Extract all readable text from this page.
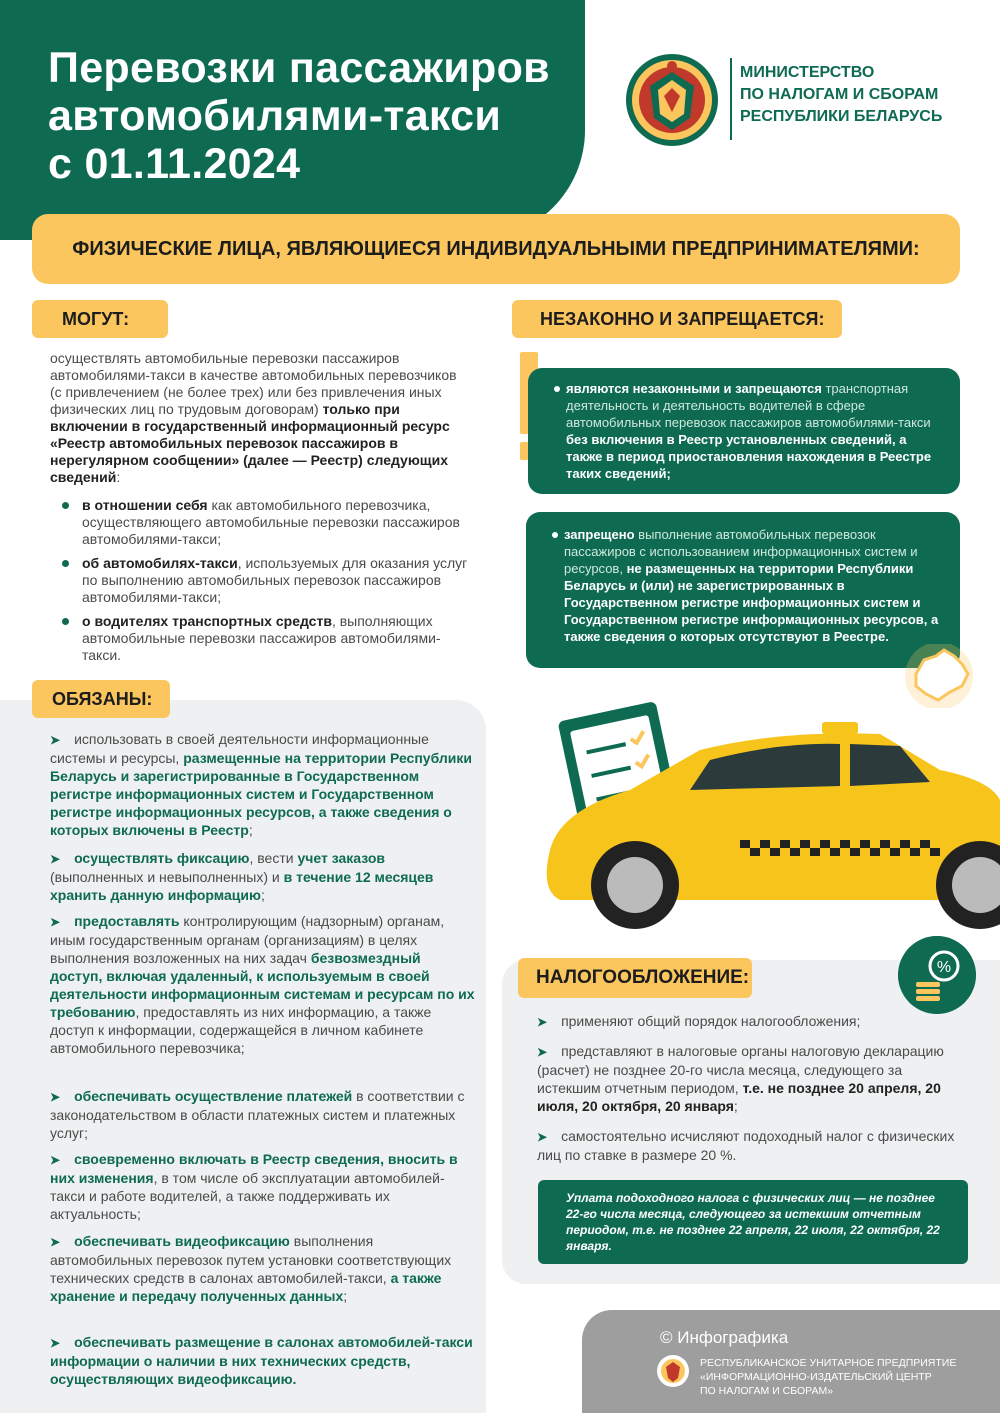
Перевозки пассажиров
автомобилями-такси
с 01.11.2024
МИНИСТЕРСТВО
ПО НАЛОГАМ И СБОРАМ
РЕСПУБЛИКИ БЕЛАРУСЬ
ФИЗИЧЕСКИЕ ЛИЦА, ЯВЛЯЮЩИЕСЯ ИНДИВИДУАЛЬНЫМИ ПРЕДПРИНИМАТЕЛЯМИ:
МОГУТ:
осуществлять автомобильные перевозки пассажиров автомобилями-такси в качестве автомобильных перевозчиков (с привлечением (не более трех) или без привлечения иных физических лиц по трудовым договорам) только при включении в государственный информационный ресурс «Реестр автомобильных перевозок пассажиров в нерегулярном сообщении» (далее — Реестр) следующих сведений:
в отношении себя как автомобильного перевозчика, осуществляющего автомобильные перевозки пассажиров автомобилями-такси;
об автомобилях-такси, используемых для оказания услуг по выполнению автомобильных перевозок пассажиров автомобилями-такси;
о водителях транспортных средств, выполняющих автомобильные перевозки пассажиров автомобилями-такси.
НЕЗАКОННО И ЗАПРЕЩАЕТСЯ:
являются незаконными и запрещаются транспортная деятельность и деятельность водителей в сфере автомобильных перевозок пассажиров автомобилями-такси без включения в Реестр установленных сведений, а также в период приостановления нахождения в Реестре таких сведений;
запрещено выполнение автомобильных перевозок пассажиров с использованием информационных систем и ресурсов, не размещенных на территории Республики Беларусь и (или) не зарегистрированных в Государственном регистре информационных систем и Государственном регистре информационных ресурсов, а также сведения о которых отсутствуют в Реестре.
ОБЯЗАНЫ:
➤ использовать в своей деятельности информационные системы и ресурсы, размещенные на территории Республики Беларусь и зарегистрированные в Государственном регистре информационных систем и Государственном регистре информационных ресурсов, а также сведения о которых включены в Реестр;
➤ осуществлять фиксацию, вести учет заказов (выполненных и невыполненных) и в течение 12 месяцев хранить данную информацию;
➤ предоставлять контролирующим (надзорным) органам, иным государственным органам (организациям) в целях выполнения возложенных на них задач безвозмездный доступ, включая удаленный, к используемым в своей деятельности информационным системам и ресурсам по их требованию, предоставлять из них информацию, а также доступ к информации, содержащейся в личном кабинете автомобильного перевозчика;
➤ обеспечивать осуществление платежей в соответствии с законодательством в области платежных систем и платежных услуг;
➤ своевременно включать в Реестр сведения, вносить в них изменения, в том числе об эксплуатации автомобилей-такси и работе водителей, а также поддерживать их актуальность;
➤ обеспечивать видеофиксацию выполнения автомобильных перевозок путем установки соответствующих технических средств в салонах автомобилей-такси, а также хранение и передачу полученных данных;
➤ обеспечивать размещение в салонах автомобилей-такси информации о наличии в них технических средств, осуществляющих видеофиксацию.
НАЛОГООБЛОЖЕНИЕ:	%
➤ применяют общий порядок налогообложения;
➤ представляют в налоговые органы налоговую декларацию (расчет) не позднее 20-го числа месяца, следующего за истекшим отчетным периодом, т.е. не позднее 20 апреля, 20 июля, 20 октября, 20 января;
➤ самостоятельно исчисляют подоходный налог с физических лиц по ставке в размере 20 %.
Уплата подоходного налога с физических лиц — не позднее 22-го числа месяца, следующего за истекшим отчетным периодом, т.е. не позднее 22 апреля, 22 июля, 22 октября, 22 января.
© Инфографика
РЕСПУБЛИКАНСКОЕ УНИТАРНОЕ ПРЕДПРИЯТИЕ
«ИНФОРМАЦИОННО-ИЗДАТЕЛЬСКИЙ ЦЕНТР
ПО НАЛОГАМ И СБОРАМ»
